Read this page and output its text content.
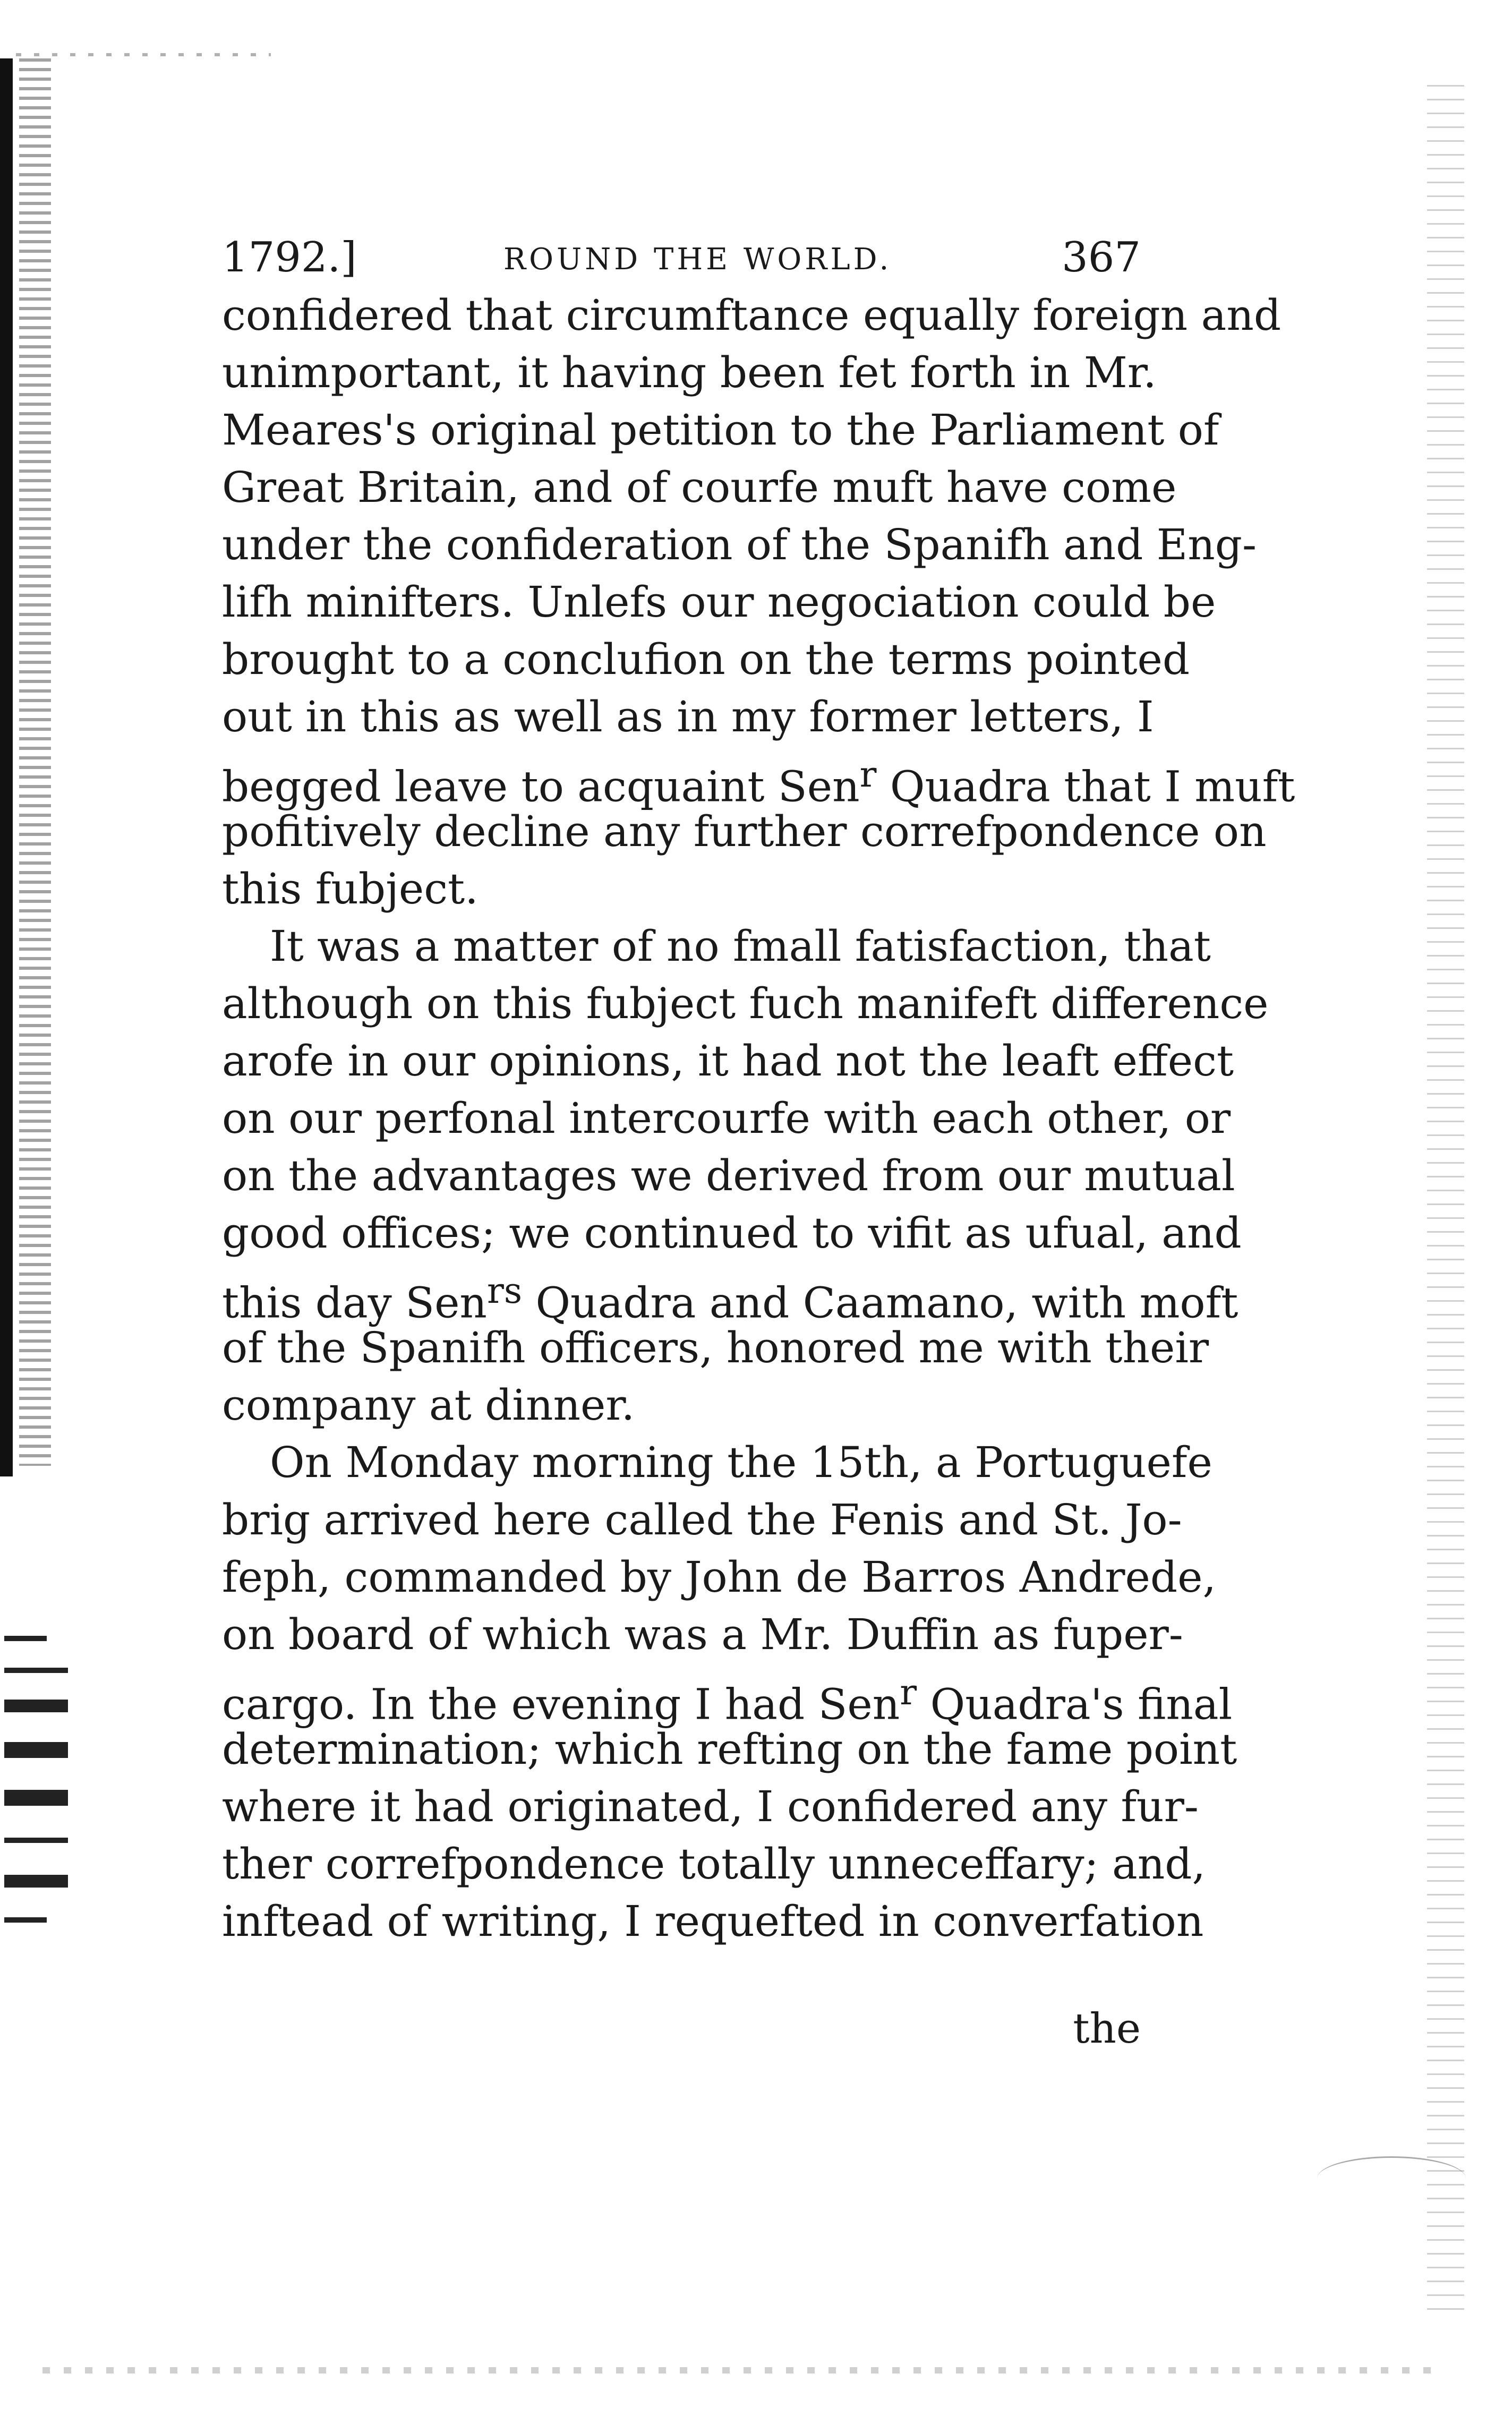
1792.]	ROUND THE WORLD.	367
confidered that circumftance equally foreign and
unimportant, it having been fet forth in Mr.
Meares's original petition to the Parliament of
Great Britain, and of courfe muft have come
under the confideration of the Spanifh and Eng-
lifh minifters. Unlefs our negociation could be
brought to a conclufion on the terms pointed
out in this as well as in my former letters, I
begged leave to acquaint Sen$^r$ Quadra that I muft
pofitively decline any further correfpondence on
this fubject.
It was a matter of no fmall fatisfaction, that
although on this fubject fuch manifeft difference
arofe in our opinions, it had not the leaft effect
on our perfonal intercourfe with each other, or
on the advantages we derived from our mutual
good offices; we continued to vifit as ufual, and
this day Sen$^{rs}$ Quadra and Caamano, with moft
of the Spanifh officers, honored me with their
company at dinner.
On Monday morning the 15th, a Portuguefe
brig arrived here called the Fenis and St. Jo-
feph, commanded by John de Barros Andrede,
on board of which was a Mr. Duffin as fuper-
cargo. In the evening I had Sen$^r$ Quadra's final
determination; which refting on the fame point
where it had originated, I confidered any fur-
ther correfpondence totally unneceffary; and,
inftead of writing, I requefted in converfation
the
